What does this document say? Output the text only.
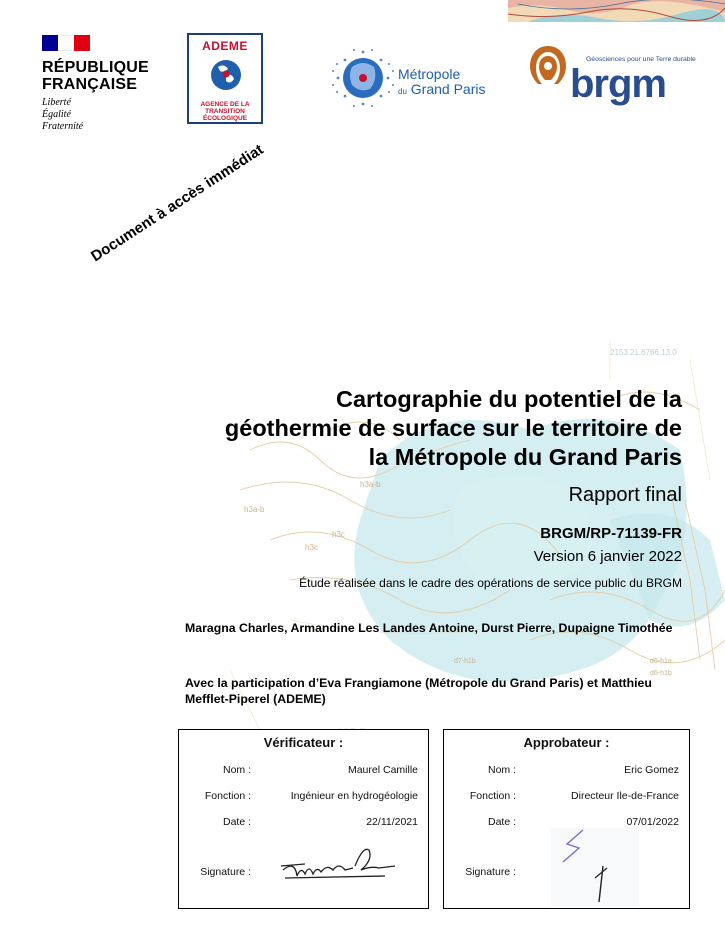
2153.21.6766.13.0
h3a-b
h3a-b
h3c
h3c
d7-h1b	d6-h1a
d6-h1b
RÉPUBLIQUE
FRANÇAISE
Liberté
Égalité
Fraternité
ADEME
AGENCE DE LA
TRANSITION
ÉCOLOGIQUE
Métropole
du Grand Paris
Géosciences pour une Terre durable
brgm
Document à accès immédiat
Cartographie du potentiel de la
géothermie de surface sur le territoire de
la Métropole du Grand Paris
Rapport final
BRGM/RP-71139-FR
Version 6 janvier 2022
Étude réalisée dans le cadre des opérations de service public du BRGM
Maragna Charles, Armandine Les Landes Antoine, Durst Pierre, Dupaigne Timothée
Avec la participation d’Eva Frangiamone (Métropole du Grand Paris) et Matthieu Mefflet-Piperel (ADEME)
Vérificateur :
Nom :	Maurel Camille
Fonction :	Ingénieur en hydrogéologie
Date :	22/11/2021
Signature :
Approbateur :
Nom :	Eric Gomez
Fonction :	Directeur Ile-de-France
Date :	07/01/2022
Signature :
